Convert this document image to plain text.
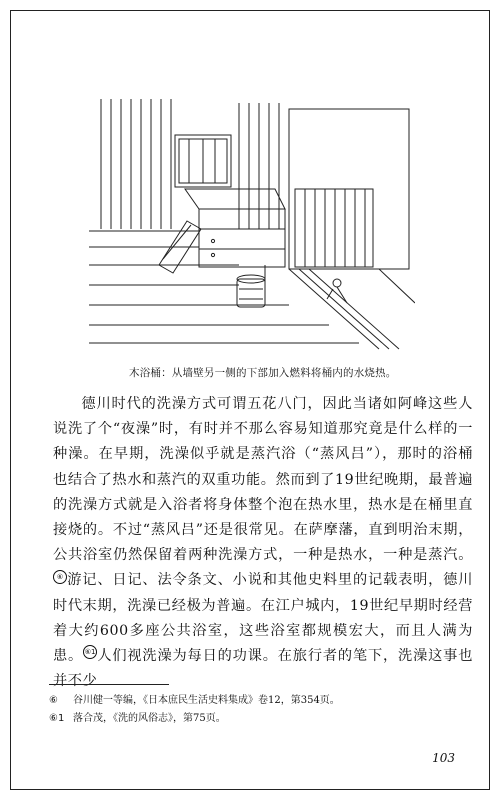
木浴桶：从墙壁另一侧的下部加入燃料将桶内的水烧热。

德川时代的洗澡方式可谓五花八门，因此当诸如阿峰这些人说洗了个“夜澡”时，有时并不那么容易知道那究竟是什么样的一种澡。在早期，洗澡似乎就是蒸汽浴（“蒸风吕”），那时的浴桶也结合了热水和蒸汽的双重功能。然而到了19世纪晚期，最普遍的洗澡方式就是入浴者将身体整个泡在热水里，热水是在桶里直接烧的。不过“蒸风吕”还是很常见。在萨摩藩，直到明治末期，公共浴室仍然保留着两种洗澡方式，一种是热水，一种是蒸汽。⑥ 游记、日记、法令条文、小说和其他史料里的记载表明，德川时代末期，洗澡已经极为普遍。在江户城内，19世纪早期时经营着大约600多座公共浴室，这些浴室都规模宏大，而且人满为患。 ⑥1 人们视洗澡为每日的功课。在旅行者的笔下，洗澡这事也并不少

⑥	谷川健一等编，《日本庶民生活史料集成》卷12，第354页。
⑥1 落合茂，《洗的风俗志》，第75页。
103
